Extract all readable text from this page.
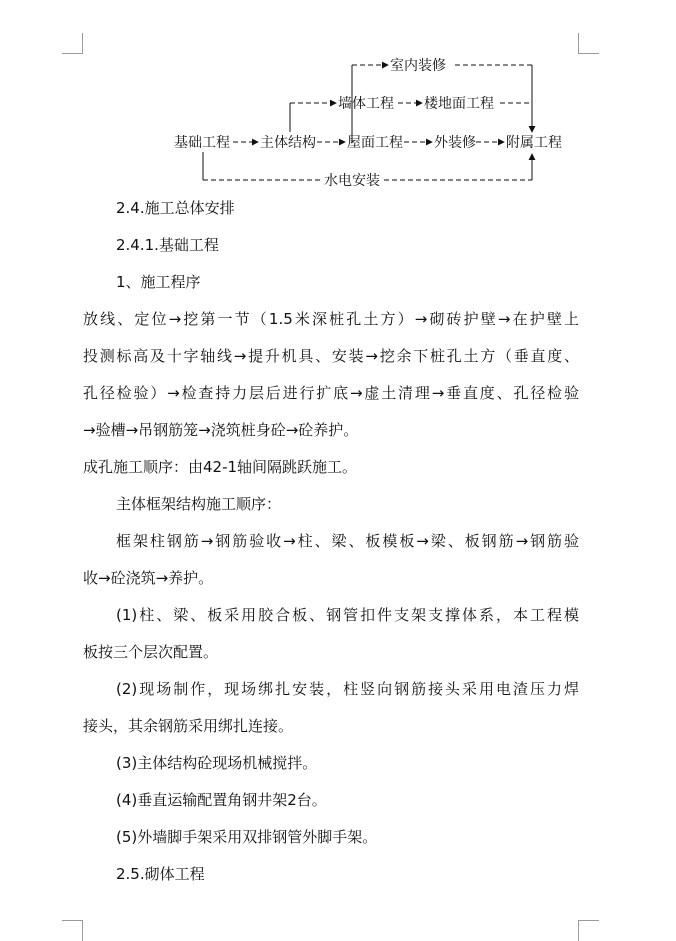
室内装修
墙体工程 楼地面工程
基础工程 主体结构 屋面工程 外装修 附属工程
水电安装

2.4.施工总体安排

2.4.1.基础工程

1、施工程序

放线、定位→挖第一节（1.5米深桩孔土方）→砌砖护壁→在护壁上

投测标高及十字轴线→提升机具、安装→挖余下桩孔土方（垂直度、

孔径检验）→检查持力层后进行扩底→虚土清理→垂直度、孔径检验

→验槽→吊钢筋笼→浇筑桩身砼→砼养护。

成孔施工顺序：由42-1轴间隔跳跃施工。

主体框架结构施工顺序：

框架柱钢筋→钢筋验收→柱、梁、板模板→梁、板钢筋→钢筋验

收→砼浇筑→养护。

(1)柱、梁、板采用胶合板、钢管扣件支架支撑体系，本工程模

板按三个层次配置。

(2)现场制作，现场绑扎安装，柱竖向钢筋接头采用电渣压力焊

接头，其余钢筋采用绑扎连接。

(3)主体结构砼现场机械搅拌。

(4)垂直运输配置角钢井架2台。

(5)外墙脚手架采用双排钢管外脚手架。

2.5.砌体工程
